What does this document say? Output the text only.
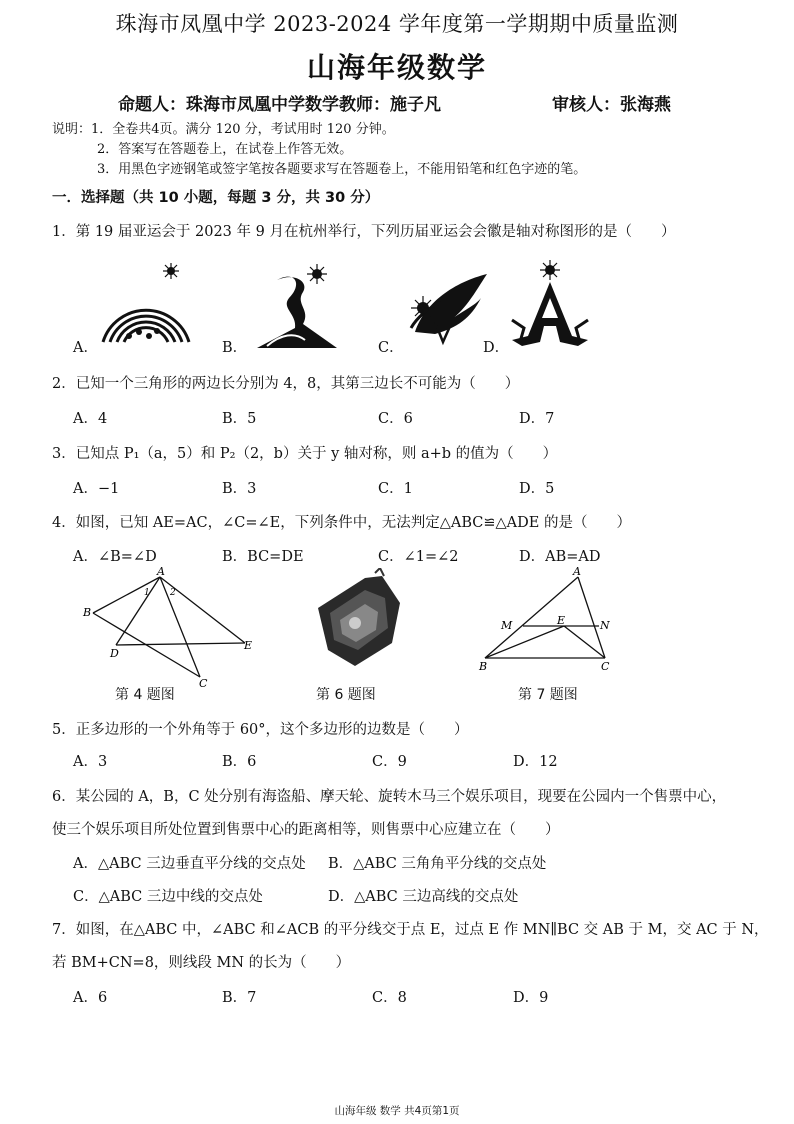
珠海市凤凰中学 2023-2024 学年度第一学期期中质量监测
山海年级数学
命题人：珠海市凤凰中学数学教师：施子凡	审核人：张海燕
说明：1．全卷共4页。满分 120 分，考试用时 120 分钟。
2．答案写在答题卷上，在试卷上作答无效。
3．用黑色字迹钢笔或签字笔按各题要求写在答题卷上，不能用铅笔和红色字迹的笔。
一．选择题（共 10 小题，每题 3 分，共 30 分）
1．第 19 届亚运会于 2023 年 9 月在杭州举行，下列历届亚运会会徽是轴对称图形的是（　　）
A．	B．	C．	D．
2．已知一个三角形的两边长分别为 4，8，其第三边长不可能为（　　）
A．4	B．5	C．6	D．7
3．已知点 P₁（a，5）和 P₂（2，b）关于 y 轴对称，则 a+b 的值为（　　）
A．−1	B．3	C．1	D．5
4．如图，已知 AE=AC，∠C=∠E，下列条件中，无法判定△ABC≌△ADE 的是（　　）
A．∠B=∠D	B．BC=DE	C．∠1=∠2	D．AB=AD
A
B
C
D
E
1 2
第 4 题图	第 6 题图
A
B	C
M	E	N
第 7 题图
5．正多边形的一个外角等于 60°，这个多边形的边数是（　　）
A．3	B．6	C．9	D．12
6．某公园的 A，B，C 处分别有海盗船、摩天轮、旋转木马三个娱乐项目，现要在公园内一个售票中心，
使三个娱乐项目所处位置到售票中心的距离相等，则售票中心应建立在（　　）
A．△ABC 三边垂直平分线的交点处 B．△ABC 三角角平分线的交点处
C．△ABC 三边中线的交点处	D．△ABC 三边高线的交点处
7．如图，在△ABC 中，∠ABC 和∠ACB 的平分线交于点 E，过点 E 作 MN∥BC 交 AB 于 M，交 AC 于 N，
若 BM+CN=8，则线段 MN 的长为（　　）
A．6	B．7	C．8	D．9
山海年级 数学 共4页第1页
